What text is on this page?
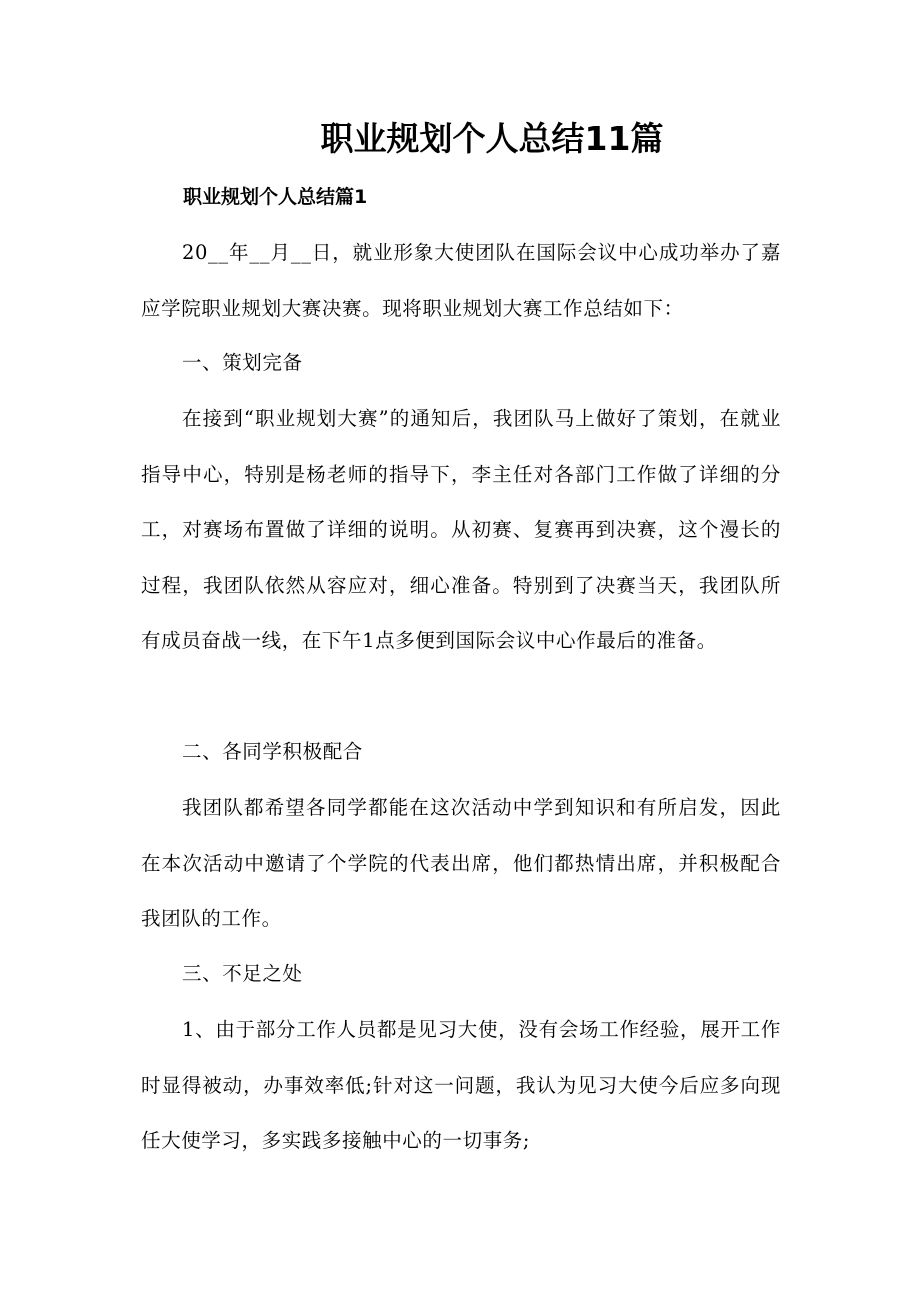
职业规划个人总结11篇
职业规划个人总结篇1

20__年__月__日，就业形象大使团队在国际会议中心成功举办了嘉应学院职业规划大赛决赛。现将职业规划大赛工作总结如下：

一、策划完备

在接到“职业规划大赛”的通知后，我团队马上做好了策划，在就业指导中心，特别是杨老师的指导下，李主任对各部门工作做了详细的分工，对赛场布置做了详细的说明。从初赛、复赛再到决赛，这个漫长的过程，我团队依然从容应对，细心准备。特别到了决赛当天，我团队所有成员奋战一线，在下午1点多便到国际会议中心作最后的准备。

二、各同学积极配合

我团队都希望各同学都能在这次活动中学到知识和有所启发，因此在本次活动中邀请了个学院的代表出席，他们都热情出席，并积极配合我团队的工作。

三、不足之处

1、由于部分工作人员都是见习大使，没有会场工作经验，展开工作时显得被动，办事效率低;针对这一问题，我认为见习大使今后应多向现任大使学习，多实践多接触中心的一切事务;
